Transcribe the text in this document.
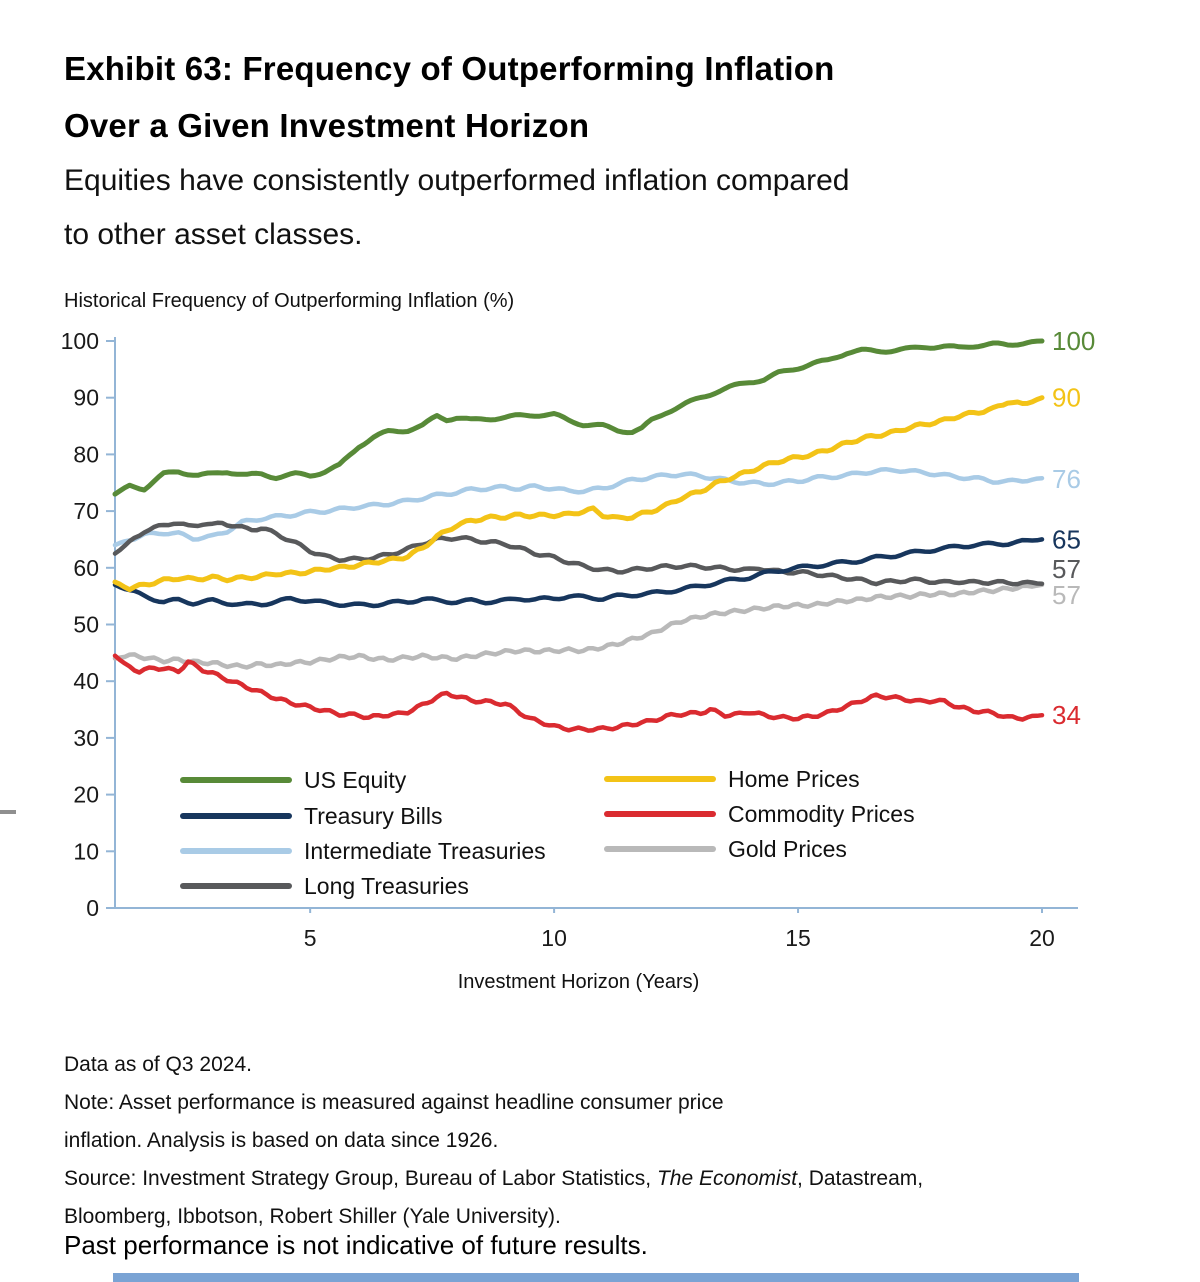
Exhibit 63: Frequency of Outperforming Inflation
Over a Given Investment Horizon
Equities have consistently outperformed inflation compared
to other asset classes.
Historical Frequency of Outperforming Inflation (%)
0
10
20
30
40
50
60
70
80
90
100
5	10	15	20
Investment Horizon (Years)
100
65
76
57
90
34
57
US Equity
Treasury Bills
Intermediate Treasuries
Long Treasuries
Home Prices
Commodity Prices
Gold Prices
Data as of Q3 2024.
Note: Asset performance is measured against headline consumer price
inflation. Analysis is based on data since 1926.
Source: Investment Strategy Group, Bureau of Labor Statistics, The Economist, Datastream,
Bloomberg, Ibbotson, Robert Shiller (Yale University).
Past performance is not indicative of future results.
